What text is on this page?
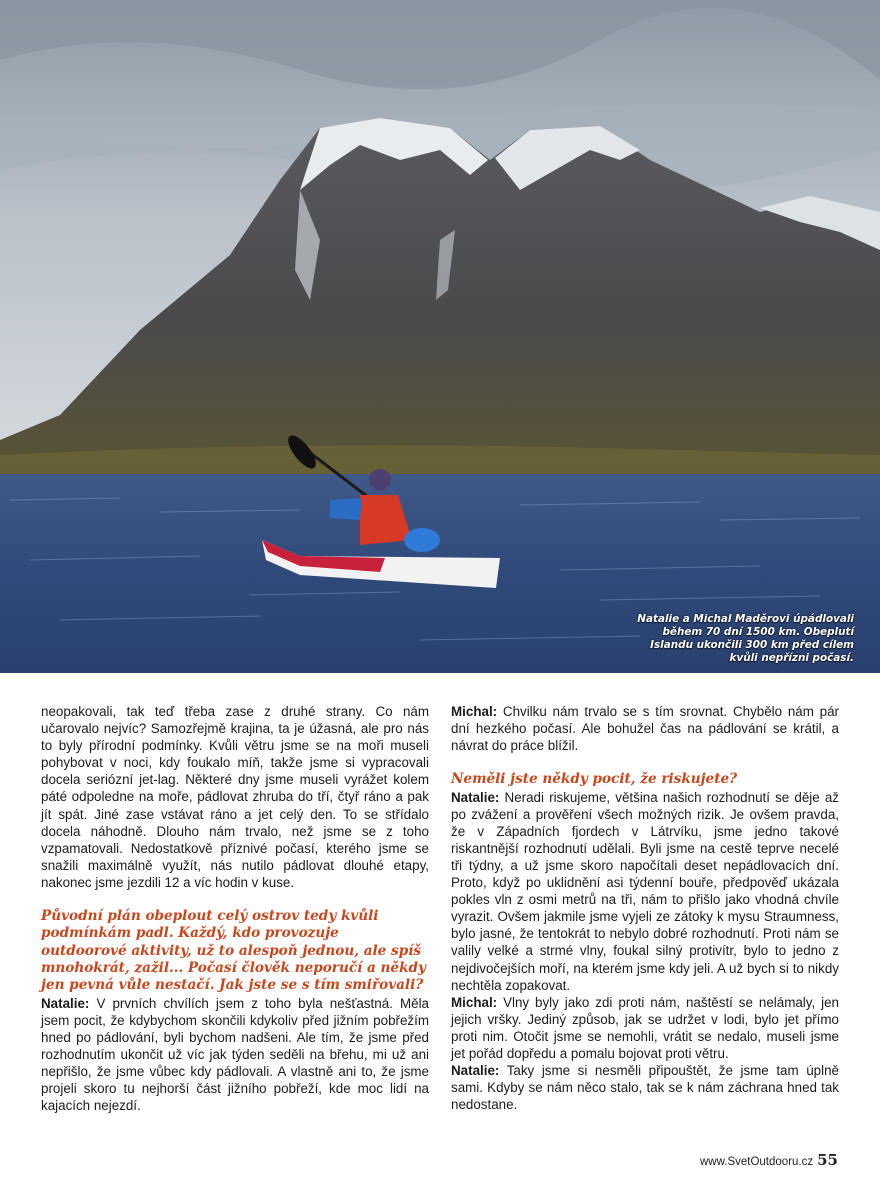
Natalie a Michal Maděrovi úpádlovali během 70 dní 1500 km. Obeplutí Islandu ukončili 300 km před cílem kvůli nepřízni počasí.

neopakovali, tak teď třeba zase z druhé strany. Co nám učarovalo nejvíc? Samozřejmě krajina, ta je úžasná, ale pro nás to byly přírodní podmínky. Kvůli větru jsme se na moři museli pohybovat v noci, kdy foukalo míň, takže jsme si vypracovali docela seriózní jet-lag. Některé dny jsme museli vyrážet kolem páté odpoledne na moře, pádlovat zhruba do tří, čtyř ráno a pak jít spát. Jiné zase vstávat ráno a jet celý den. To se střídalo docela náhodně. Dlouho nám trvalo, než jsme se z toho vzpamatovali. Nedostatkově příznivé počasí, kterého jsme se snažili maximálně využít, nás nutilo pádlovat dlouhé etapy, nakonec jsme jezdili 12 a víc hodin v kuse.

Původní plán obeplout celý ostrov tedy kvůli podmínkám padl. Každý, kdo provozuje outdoorové aktivity, už to alespoň jednou, ale spíš mnohokrát, zažil... Počasí člověk neporučí a někdy jen pevná vůle nestačí. Jak jste se s tím smiřovali?

Natalie: V prvních chvílích jsem z toho byla nešťastná. Měla jsem pocit, že kdybychom skončili kdykoliv před jižním pobřežím hned po pádlování, byli bychom nadšeni. Ale tím, že jsme před rozhodnutím ukončit už víc jak týden seděli na břehu, mi už ani nepřišlo, že jsme vůbec kdy pádlovali. A vlastně ani to, že jsme projeli skoro tu nejhorší část jižního pobřeží, kde moc lidí na kajacích nejezdí.

Michal: Chvilku nám trvalo se s tím srovnat. Chybělo nám pár dní hezkého počasí. Ale bohužel čas na pádlování se krátil, a návrat do práce blížil.

Neměli jste někdy pocit, že riskujete?

Natalie: Neradi riskujeme, většina našich rozhodnutí se děje až po zvážení a prověření všech možných rizik. Je ovšem pravda, že v Západních fjordech v Látrvíku, jsme jedno takové riskantnější rozhodnutí udělali. Byli jsme na cestě teprve necelé tři týdny, a už jsme skoro napočítali deset nepádlovacích dní. Proto, když po uklidnění asi týdenní bouře, předpověď ukázala pokles vln z osmi metrů na tři, nám to přišlo jako vhodná chvíle vyrazit. Ovšem jakmile jsme vyjeli ze zátoky k mysu Straumness, bylo jasné, že tentokrát to nebylo dobré rozhodnutí. Proti nám se valily velké a strmé vlny, foukal silný protivítr, bylo to jedno z nejdivočejších moří, na kterém jsme kdy jeli. A už bych si to nikdy nechtěla zopakovat.

Michal: Vlny byly jako zdi proti nám, naštěstí se nelámaly, jen jejich vršky. Jediný způsob, jak se udržet v lodi, bylo jet přímo proti nim. Otočit jsme se nemohli, vrátit se nedalo, museli jsme jet pořád dopředu a pomalu bojovat proti větru.

Natalie: Taky jsme si nesměli připouštět, že jsme tam úplně sami. Kdyby se nám něco stalo, tak se k nám záchrana hned tak nedostane.

www.SvetOutdooru.cz 55
